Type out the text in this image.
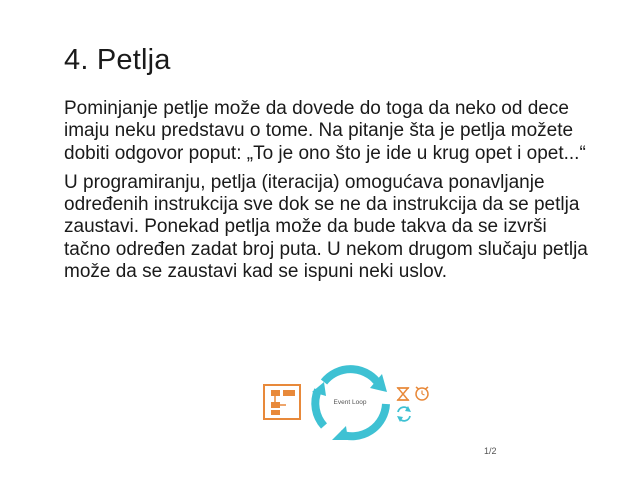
4. Petlja

Pominjanje petlje može da dovede do toga da neko od dece imaju neku predstavu o tome. Na pitanje šta je petlja možete dobiti odgovor poput: „To je ono što je ide u krug opet i opet...“

U programiranju, petlja (iteracija) omogućava ponavljanje određenih instrukcija sve dok se ne da instrukcija da se petlja zaustavi. Ponekad petlja može da bude takva da se izvrši tačno određen zadat broj puta. U nekom drugom slučaju petlja može da se zaustavi kad se ispuni neki uslov.

Event Loop
1/2
